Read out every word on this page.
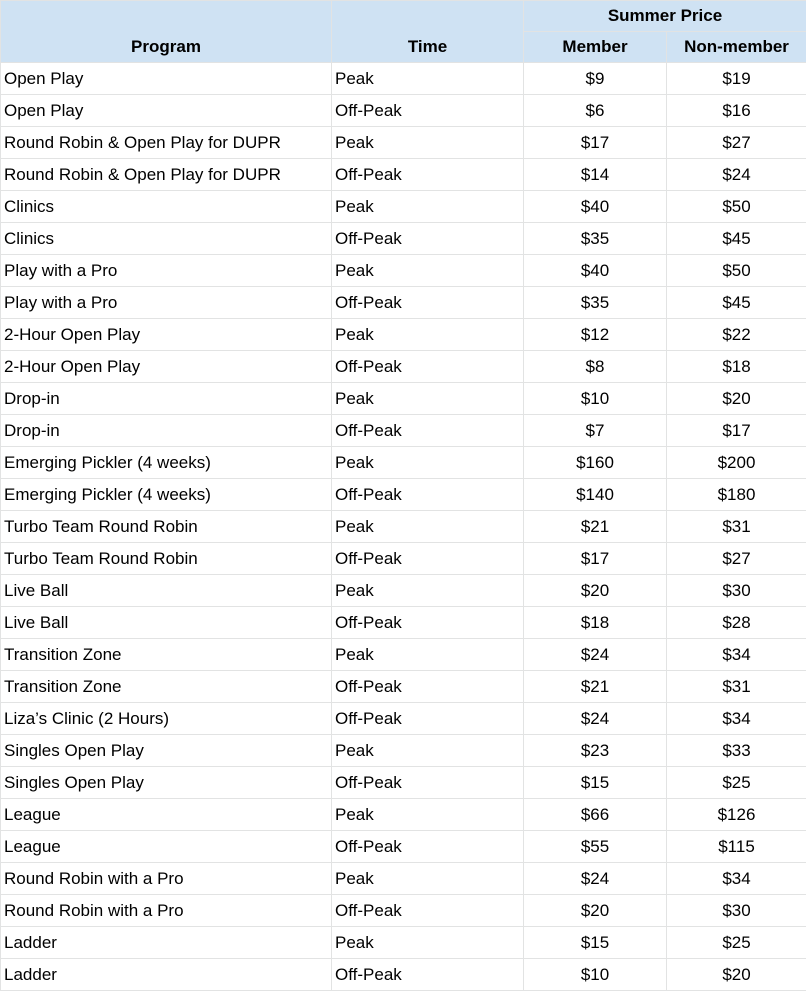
		Summer Price	
Program	Time	Member	Non-member
Open Play	Peak	$9	$19
Open Play	Off-Peak	$6	$16
Round Robin & Open Play for DUPR	Peak	$17	$27
Round Robin & Open Play for DUPR	Off-Peak	$14	$24
Clinics	Peak	$40	$50
Clinics	Off-Peak	$35	$45
Play with a Pro	Peak	$40	$50
Play with a Pro	Off-Peak	$35	$45
2-Hour Open Play	Peak	$12	$22
2-Hour Open Play	Off-Peak	$8	$18
Drop-in	Peak	$10	$20
Drop-in	Off-Peak	$7	$17
Emerging Pickler (4 weeks)	Peak	$160	$200
Emerging Pickler (4 weeks)	Off-Peak	$140	$180
Turbo Team Round Robin	Peak	$21	$31
Turbo Team Round Robin	Off-Peak	$17	$27
Live Ball	Peak	$20	$30
Live Ball	Off-Peak	$18	$28
Transition Zone	Peak	$24	$34
Transition Zone	Off-Peak	$21	$31
Liza’s Clinic (2 Hours)	Off-Peak	$24	$34
Singles Open Play	Peak	$23	$33
Singles Open Play	Off-Peak	$15	$25
League	Peak	$66	$126
League	Off-Peak	$55	$115
Round Robin with a Pro	Peak	$24	$34
Round Robin with a Pro	Off-Peak	$20	$30
Ladder	Peak	$15	$25
Ladder	Off-Peak	$10	$20
